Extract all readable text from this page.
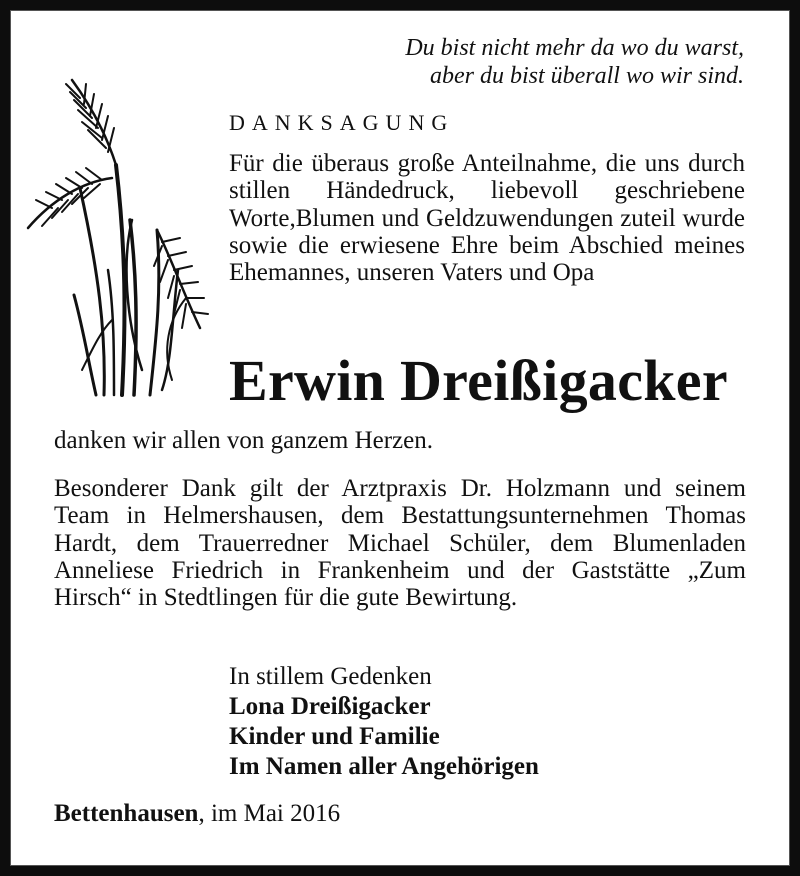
Du bist nicht mehr da wo du warst,
aber du bist überall wo wir sind.
DANKSAGUNG
Für die überaus große Anteilnahme, die uns durch stillen Händedruck, liebevoll geschriebene Worte,Blumen und Geldzuwendungen zuteil wurde sowie die erwiesene Ehre beim Abschied meines Ehemannes, unseren Vaters und Opa
Erwin Dreißigacker
danken wir allen von ganzem Herzen.
Besonderer Dank gilt der Arztpraxis Dr. Holzmann und seinem Team in Helmershausen, dem Bestattungsunternehmen Thomas Hardt, dem Trauerredner Michael Schüler, dem Blumenladen Anneliese Friedrich in Frankenheim und der Gaststätte „Zum Hirsch“ in Stedtlingen für die gute Bewirtung.
In stillem Gedenken
Lona Dreißigacker
Kinder und Familie
Im Namen aller Angehörigen
Bettenhausen, im Mai 2016
